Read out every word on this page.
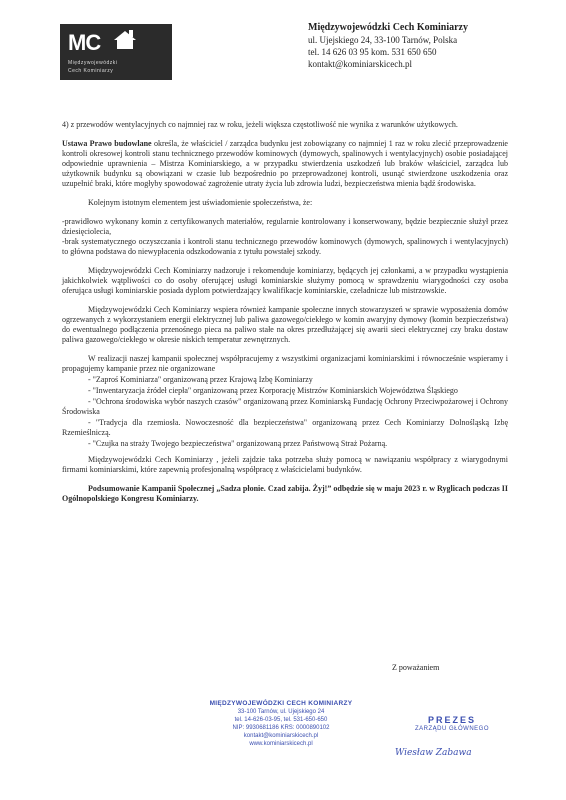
MC
Międzywojewódzki
Cech Kominiarzy
Międzywojewódzki Cech Kominiarzy
ul. Ujejskiego 24, 33-100 Tarnów, Polska
tel. 14 626 03 95 kom. 531 650 650
kontakt@kominiarskicech.pl

4) z przewodów wentylacyjnych co najmniej raz w roku, jeżeli większa częstotliwość nie wynika z warunków użytkowych.

Ustawa Prawo budowlane określa, że właściciel / zarządca budynku jest zobowiązany co najmniej 1 raz w roku zlecić przeprowadzenie kontroli okresowej kontroli stanu technicznego przewodów kominowych (dymowych, spalinowych i wentylacyjnych) osobie posiadającej odpowiednie uprawnienia – Mistrza Kominiarskiego, a w przypadku stwierdzenia uszkodzeń lub braków właściciel, zarządca lub użytkownik budynku są obowiązani w czasie lub bezpośrednio po przeprowadzonej kontroli, usunąć stwierdzone uszkodzenia oraz uzupełnić braki, które mogłyby spowodować zagrożenie utraty życia lub zdrowia ludzi, bezpieczeństwa mienia bądź środowiska.

Kolejnym istotnym elementem jest uświadomienie społeczeństwa, że:

-prawidłowo wykonany komin z certyfikowanych materiałów, regularnie kontrolowany i konserwowany, będzie bezpiecznie służył przez dziesięciolecia,
-brak systematycznego oczyszczania i kontroli stanu technicznego przewodów kominowych (dymowych, spalinowych i wentylacyjnych) to główna podstawa do niewypłacenia odszkodowania z tytułu powstałej szkody.

Międzywojewódzki Cech Kominiarzy nadzoruje i rekomenduje kominiarzy, będących jej członkami, a w przypadku wystąpienia jakichkolwiek wątpliwości co do osoby oferującej usługi kominiarskie służymy pomocą w sprawdzeniu wiarygodności czy osoba oferująca usługi kominiarskie posiada dyplom potwierdzający kwalifikacje kominiarskie, czeladnicze lub mistrzowskie.

Międzywojewódzki Cech Kominiarzy wspiera również kampanie społeczne innych stowarzyszeń w sprawie wyposażenia domów ogrzewanych z wykorzystaniem energii elektrycznej lub paliwa gazowego/ciekłego w komin awaryjny dymowy (komin bezpieczeństwa) do ewentualnego podłączenia przenośnego pieca na paliwo stałe na okres przedłużającej się awarii sieci elektrycznej czy braku dostaw paliwa gazowego/ciekłego w okresie niskich temperatur zewnętrznych.

W realizacji naszej kampanii społecznej współpracujemy z wszystkimi organizacjami kominiarskimi i równocześnie wspieramy i propagujemy kampanie przez nie organizowane

- "Zaproś Kominiarza" organizowaną przez Krajową Izbę Kominiarzy
- "Inwentaryzacja źródeł ciepła" organizowaną przez Korporację Mistrzów Kominiarskich Województwa Śląskiego
- "Ochrona środowiska wybór naszych czasów" organizowaną przez Kominiarską Fundację Ochrony Przeciwpożarowej i Ochrony Środowiska
- "Tradycja dla rzemiosła. Nowoczesność dla bezpieczeństwa" organizowaną przez Cech Kominiarzy Dolnośląską Izbę Rzemieślniczą.
- "Czujka na straży Twojego bezpieczeństwa" organizowaną przez Państwową Straż Pożarną.

Międzywojewódzki Cech Kominiarzy , jeżeli zajdzie taka potrzeba służy pomocą w nawiązaniu współpracy z wiarygodnymi firmami kominiarskimi, które zapewnią profesjonalną współpracę z właścicielami budynków.

Podsumowanie Kampanii Społecznej „Sadza płonie. Czad zabija. Żyj!” odbędzie się w maju 2023 r. w Ryglicach podczas II Ogólnopolskiego Kongresu Kominiarzy.

Z poważaniem
MIĘDZYWOJEWÓDZKI CECH KOMINIARZY
33-100 Tarnów, ul. Ujejskiego 24
tel. 14-626-03-95, tel. 531-650-650
NIP: 9930681186 KRS: 0000890102
kontakt@kominiarskicech.pl
www.kominiarskicech.pl
PREZES
ZARZĄDU GŁÓWNEGO
Wiesław Zabawa
